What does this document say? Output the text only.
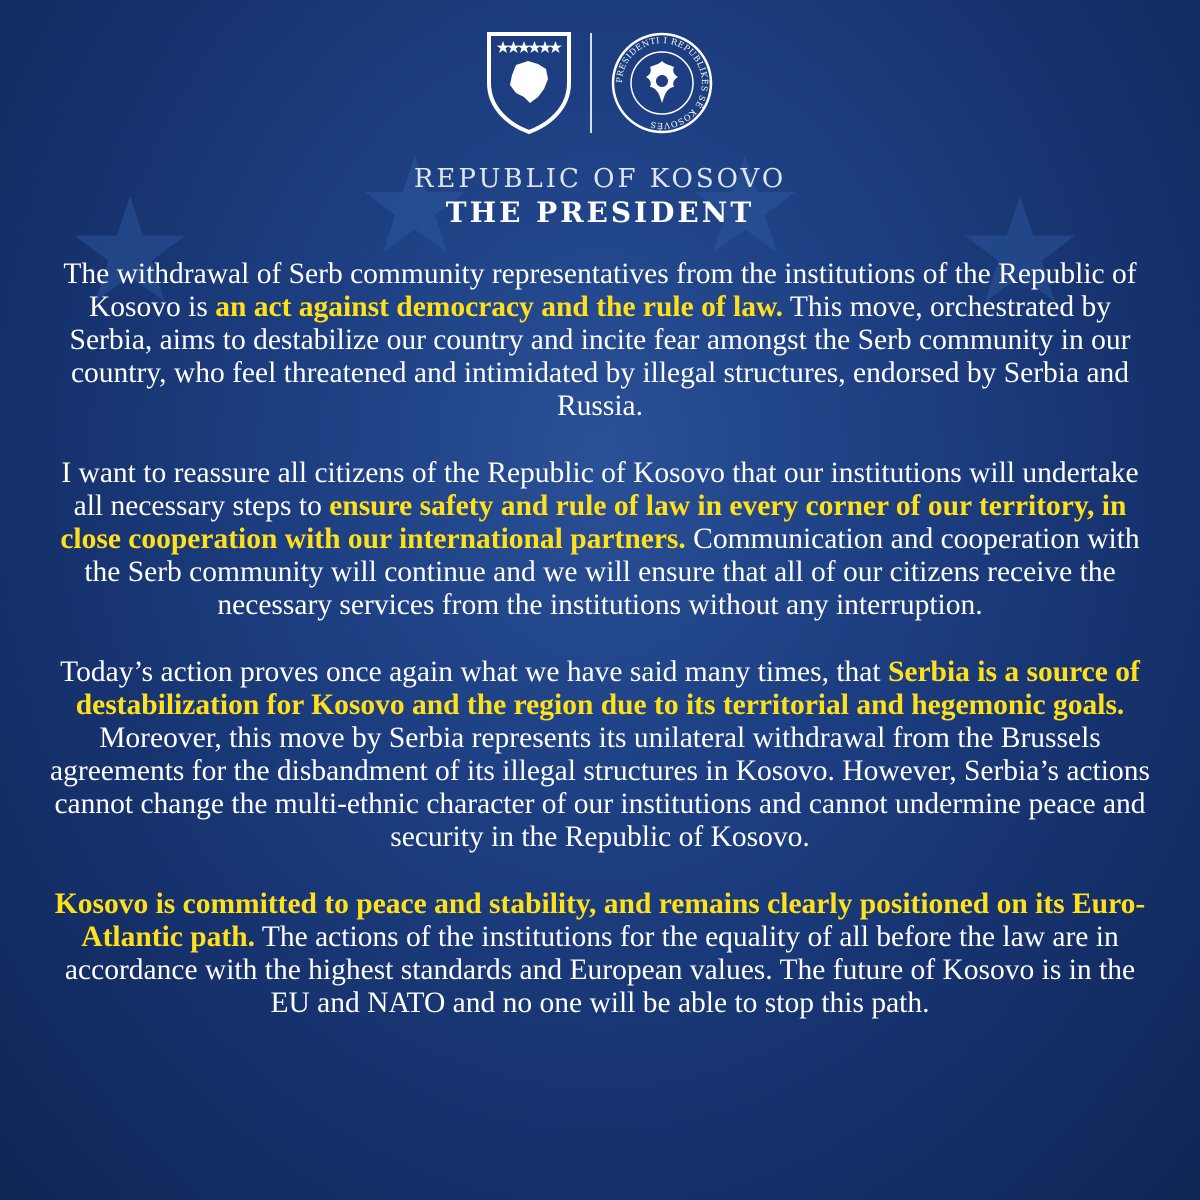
PRESIDENTI I REPUBLIKËS SË KOSOVËS
REPUBLIC OF KOSOVO
THE PRESIDENT

The withdrawal of Serb community representatives from the institutions of the Republic of Kosovo is an act against democracy and the rule of law. This move, orchestrated by Serbia, aims to destabilize our country and incite fear amongst the Serb community in our country, who feel threatened and intimidated by illegal structures, endorsed by Serbia and Russia.

I want to reassure all citizens of the Republic of Kosovo that our institutions will undertake all necessary steps to ensure safety and rule of law in every corner of our territory, in close cooperation with our international partners. Communication and cooperation with the Serb community will continue and we will ensure that all of our citizens receive the necessary services from the institutions without any interruption.

Today’s action proves once again what we have said many times, that Serbia is a source of destabilization for Kosovo and the region due to its territorial and hegemonic goals. Moreover, this move by Serbia represents its unilateral withdrawal from the Brussels agreements for the disbandment of its illegal structures in Kosovo. However, Serbia’s actions cannot change the multi-ethnic character of our institutions and cannot undermine peace and security in the Republic of Kosovo.

Kosovo is committed to peace and stability, and remains clearly positioned on its Euro-Atlantic path. The actions of the institutions for the equality of all before the law are in accordance with the highest standards and European values. The future of Kosovo is in the EU and NATO and no one will be able to stop this path.
